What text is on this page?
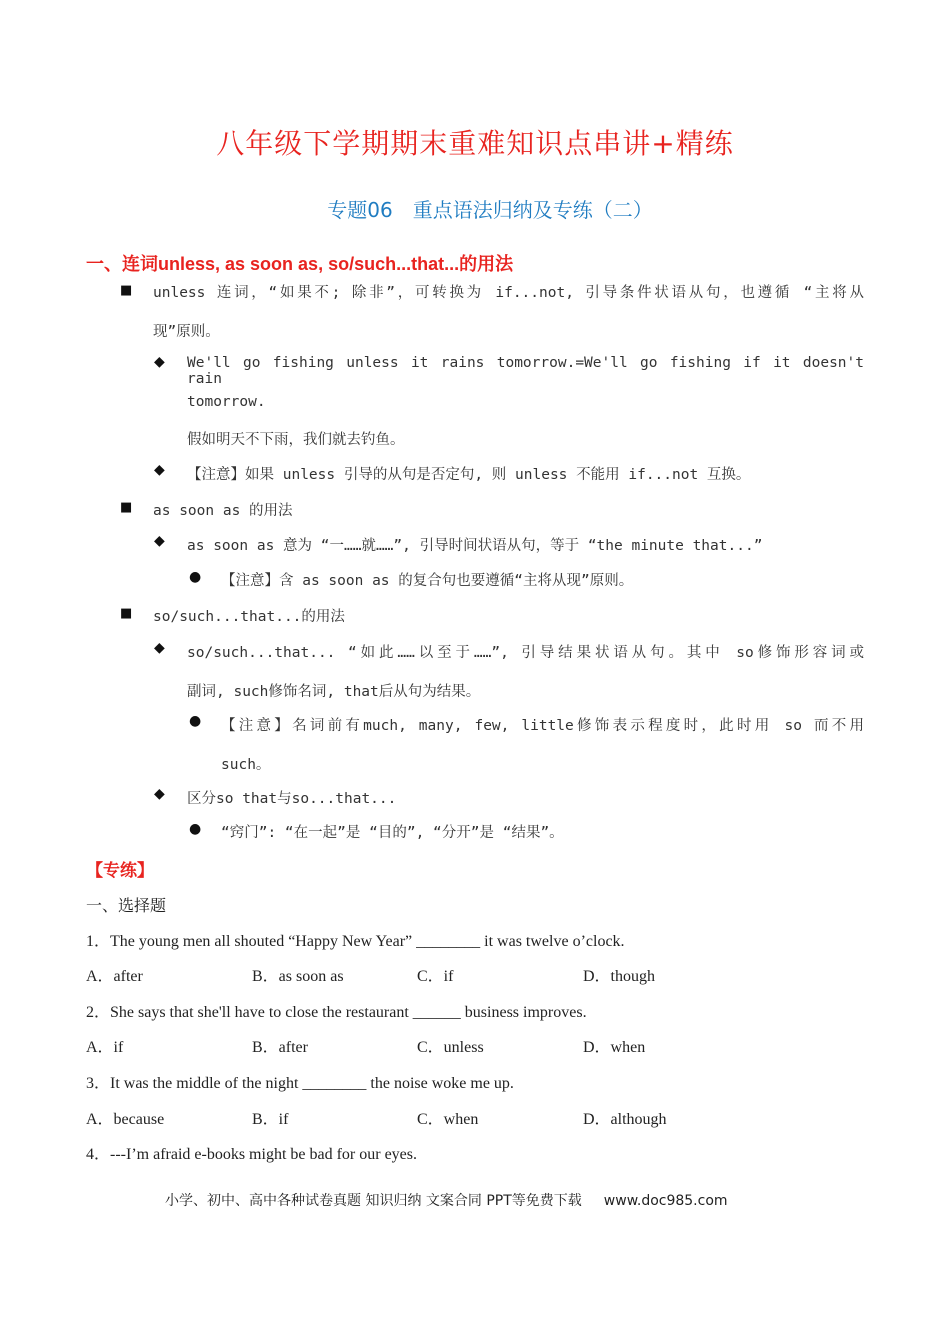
八年级下学期期末重难知识点串讲+精练
专题06　重点语法归纳及专练（二）
一、连词unless, as soon as, so/such...that...的用法
■ unless 连词，“如果不; 除非”，可转换为 if...not, 引导条件状语从句，也遵循 “主将从
现”原则。
◆ We'll go fishing unless it rains tomorrow.=We'll go fishing if it doesn't rain
tomorrow.
假如明天不下雨，我们就去钓鱼。
◆ 【注意】如果 unless 引导的从句是否定句, 则 unless 不能用 if...not 互换。
■ as soon as 的用法
◆ as soon as 意为 “一……就……”, 引导时间状语从句，等于 “the minute that...”
● 【注意】含 as soon as 的复合句也要遵循“主将从现”原则。
■ so/such...that...的用法
◆ so/such...that... “如此……以至于……”, 引导结果状语从句。其中 so修饰形容词或
副词, such修饰名词, that后从句为结果。
● 【注意】名词前有much, many, few, little修饰表示程度时，此时用 so 而不用
such。
◆ 区分so that与so...that...
● “窍门”: “在一起”是 “目的”, “分开”是 “结果”。
【专练】
一、选择题
1．The young men all shouted “Happy New Year” ________ it was twelve o’clock.
A．after	B．as soon as	C．if	D．though
2．She says that she'll have to close the restaurant ______ business improves.
A．if	B．after	C．unless	D．when
3．It was the middle of the night ________ the noise woke me up.
A．because	B．if	C．when	D．although
4．---I’m afraid e-books might be bad for our eyes.
小学、初中、高中各种试卷真题 知识归纳 文案合同 PPT等免费下载 www.doc985.com
